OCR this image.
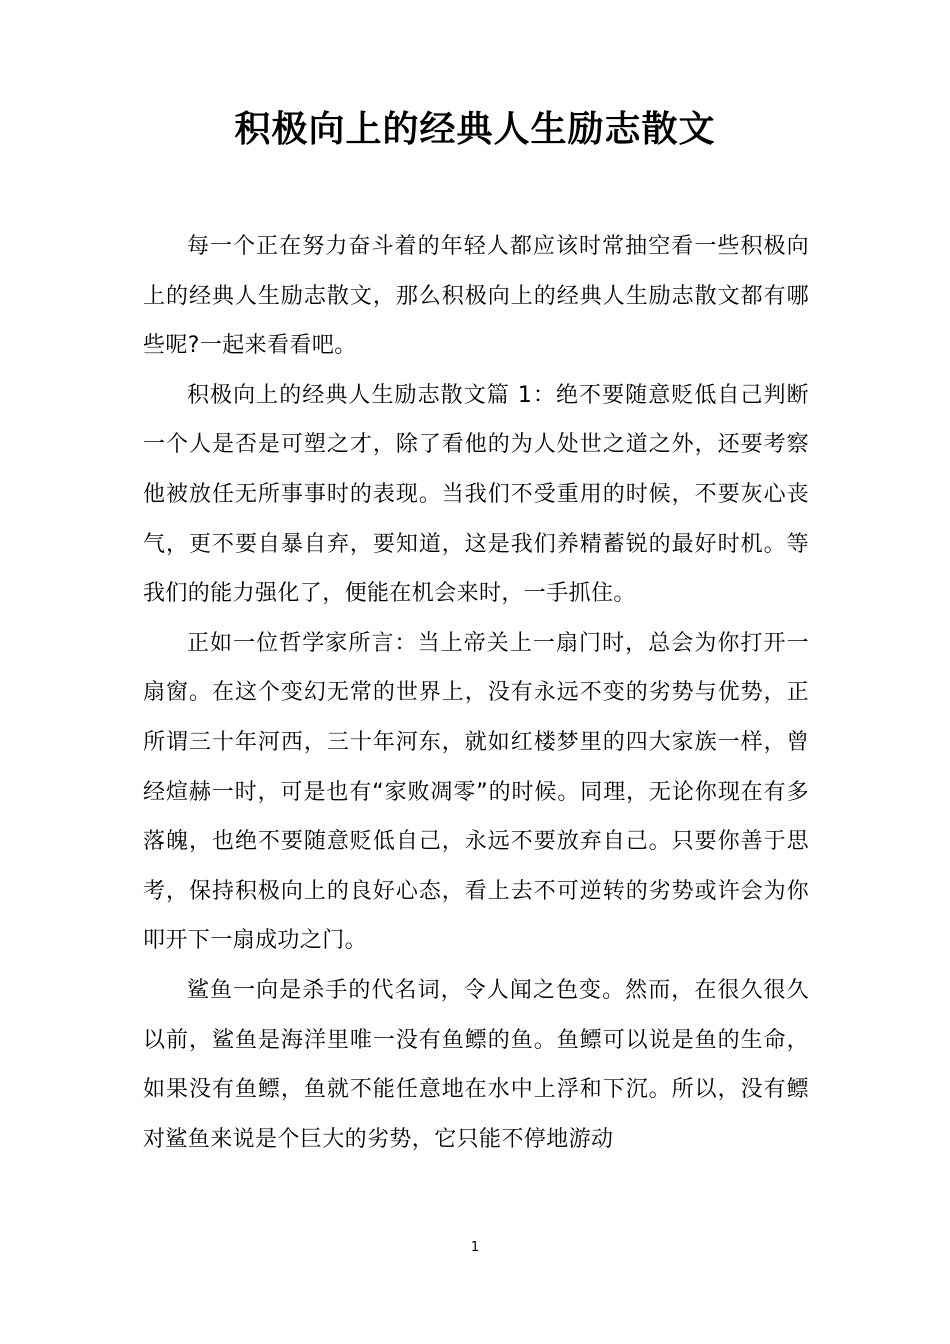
积极向上的经典人生励志散文

每一个正在努力奋斗着的年轻人都应该时常抽空看一些积极向上的经典人生励志散文，那么积极向上的经典人生励志散文都有哪些呢?一起来看看吧。

积极向上的经典人生励志散文篇 1：绝不要随意贬低自己判断一个人是否是可塑之才，除了看他的为人处世之道之外，还要考察他被放任无所事事时的表现。当我们不受重用的时候，不要灰心丧气，更不要自暴自弃，要知道，这是我们养精蓄锐的最好时机。等我们的能力强化了，便能在机会来时，一手抓住。

正如一位哲学家所言：当上帝关上一扇门时，总会为你打开一扇窗。在这个变幻无常的世界上，没有永远不变的劣势与优势，正所谓三十年河西，三十年河东，就如红楼梦里的四大家族一样，曾经煊赫一时，可是也有“家败凋零”的时候。同理，无论你现在有多落魄，也绝不要随意贬低自己，永远不要放弃自己。只要你善于思考，保持积极向上的良好心态，看上去不可逆转的劣势或许会为你叩开下一扇成功之门。

鲨鱼一向是杀手的代名词，令人闻之色变。然而，在很久很久以前，鲨鱼是海洋里唯一没有鱼鳔的鱼。鱼鳔可以说是鱼的生命，如果没有鱼鳔，鱼就不能任意地在水中上浮和下沉。所以，没有鳔对鲨鱼来说是个巨大的劣势，它只能不停地游动

1
